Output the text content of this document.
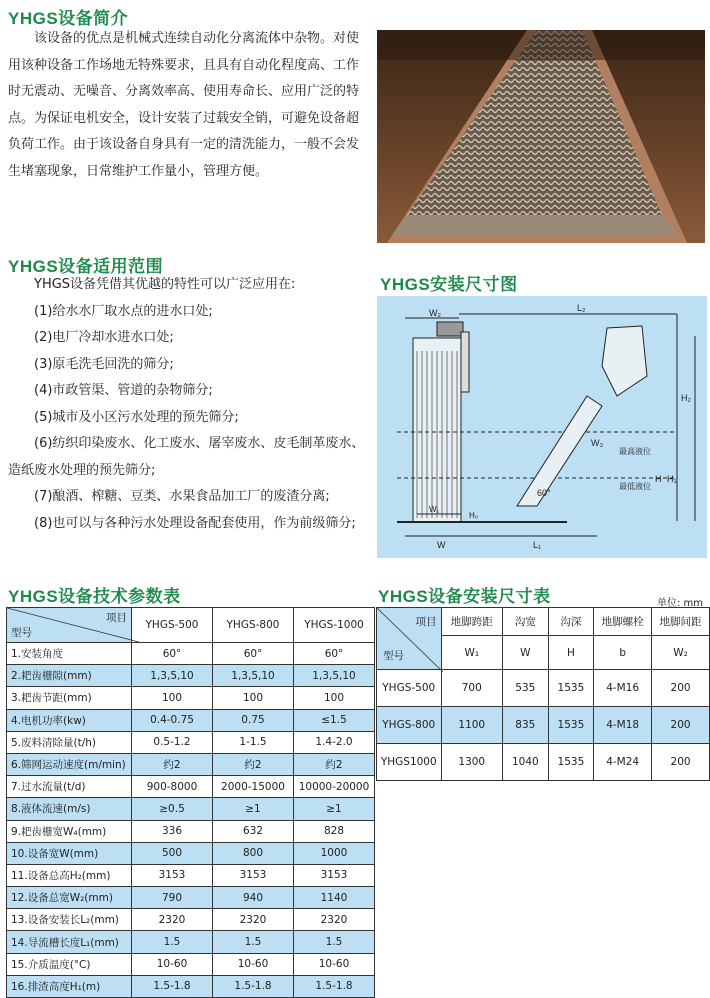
YHGS设备简介
该设备的优点是机械式连续自动化分离流体中杂物。对使用该种设备工作场地无特殊要求，且具有自动化程度高、工作时无震动、无噪音、分离效率高、使用寿命长、应用广泛的特点。为保证电机安全，设计安装了过载安全销，可避免设备超负荷工作。由于该设备自身具有一定的清洗能力，一般不会发生堵塞现象，日常维护工作量小，管理方便。
YHGS设备适用范围

YHGS设备凭借其优越的特性可以广泛应用在:

(1)给水水厂取水点的进水口处;

(2)电厂冷却水进水口处;

(3)原毛洗毛回洗的筛分;

(4)市政管渠、管道的杂物筛分;

(5)城市及小区污水处理的预先筛分;

(6)纺织印染废水、化工废水、屠宰废水、皮毛制革废水、造纸废水处理的预先筛分;

(7)酿酒、榨糖、豆类、水果食品加工厂的废渣分离;

(8)也可以与各种污水处理设备配套使用，作为前级筛分;

YHGS安装尺寸图
W₂	L₂
H₂
W₃
最高液位
最低液位
H H₁
60°
H₀
W₁
W	L₁
YHGS设备技术参数表
项目
型号	YHGS-500	YHGS-800	YHGS-1000
1.安装角度	60°	60°	60°
2.耙齿栅隙(mm)	1,3,5,10	1,3,5,10	1,3,5,10
3.耙齿节距(mm)	100	100	100
4.电机功率(kw)	0.4-0.75	0.75	≤1.5
5.废料清除量(t/h)	0.5-1.2	1-1.5	1.4-2.0
6.筛网运动速度(m/min)	约2	约2	约2
7.过水流量(t/d)	900-8000	2000-15000	10000-20000
8.液体流速(m/s)	≥0.5	≥1	≥1
9.耙齿栅宽W₄(mm)	336	632	828
10.设备宽W(mm)	500	800	1000
11.设备总高H₂(mm)	3153	3153	3153
12.设备总宽W₂(mm)	790	940	1140
13.设备安装长L₂(mm)	2320	2320	2320
14.导流槽长度L₁(mm)	1.5	1.5	1.5
15.介质温度(°C)	10-60	10-60	10-60
16.排渣高度H₁(m)	1.5-1.8	1.5-1.8	1.5-1.8
YHGS设备安装尺寸表	单位: mm
项目
型号	地脚跨距	沟宽	沟深	地脚螺栓	地脚间距
	W₁	W	H	b	W₂
YHGS-500	700	535	1535	4-M16	200
YHGS-800	1100	835	1535	4-M18	200
YHGS1000	1300	1040	1535	4-M24	200
